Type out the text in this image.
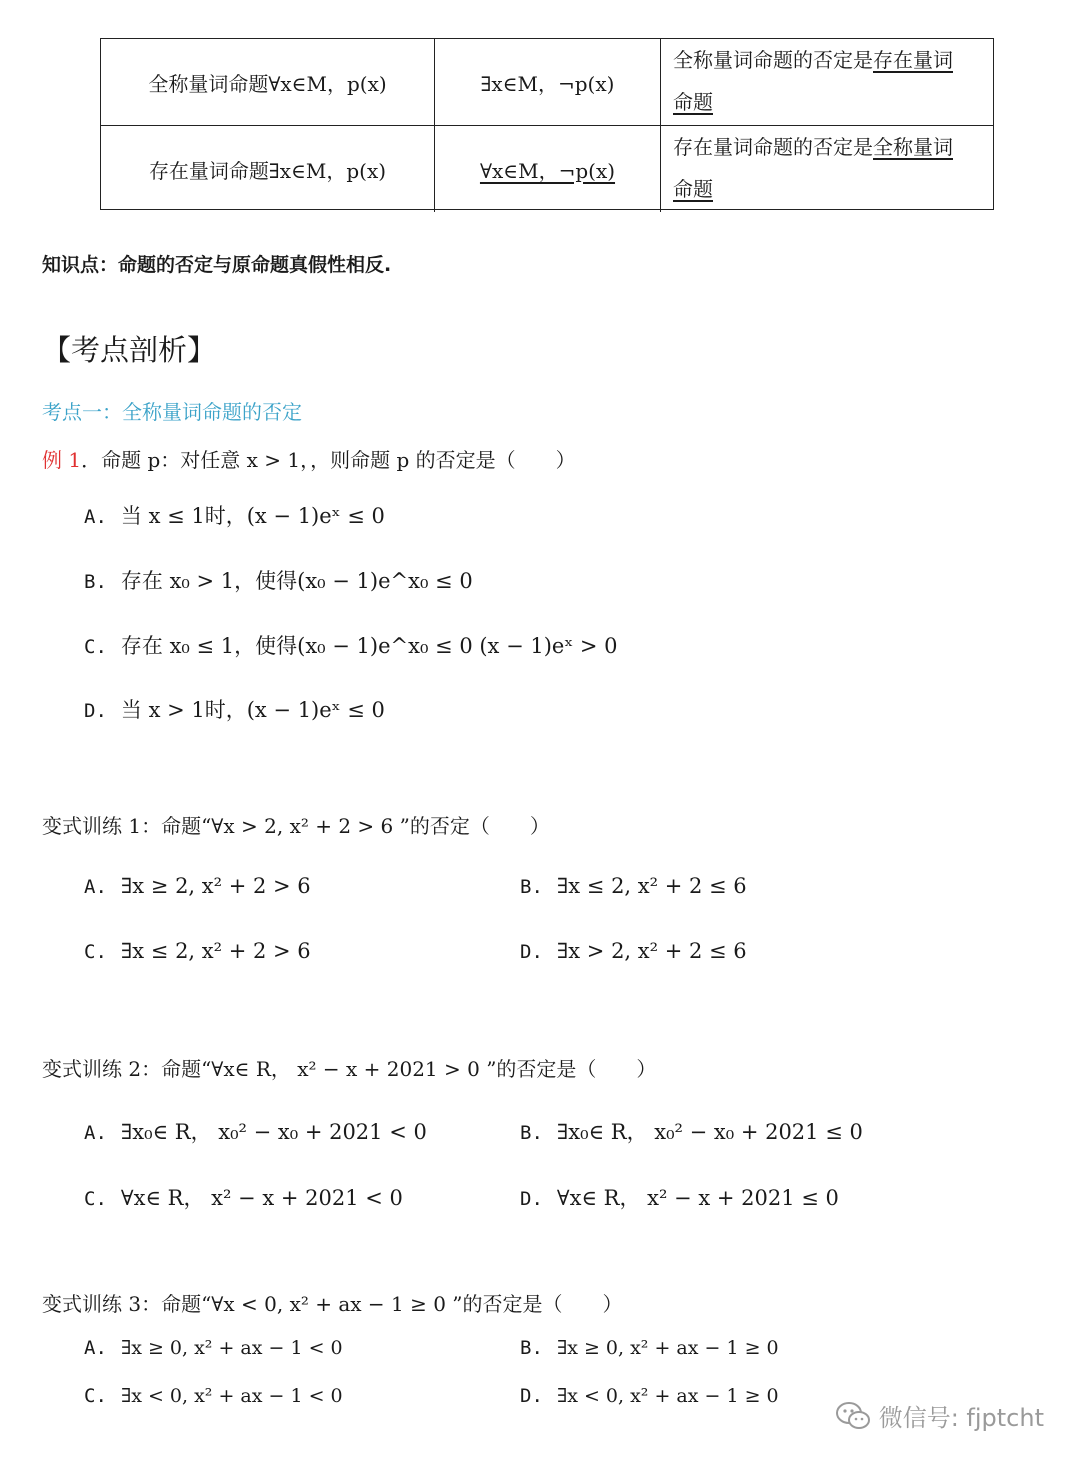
全称量词命题∀x∈M，p(x)	∃x∈M，¬p(x)
全称量词命题的否定是存在量词
命题
存在量词命题∃x∈M，p(x)	∀x∈M，¬p(x)
存在量词命题的否定是全称量词
命题
知识点：命题的否定与原命题真假性相反.
【考点剖析】
考点一：全称量词命题的否定
例 1．命题 p：对任意 x > 1，，则命题 p 的否定是（　　）
A. 当 x ≤ 1时，(x − 1)eˣ ≤ 0
B. 存在 x₀ > 1，使得(x₀ − 1)e^x₀ ≤ 0
C. 存在 x₀ ≤ 1，使得(x₀ − 1)e^x₀ ≤ 0 (x − 1)eˣ > 0
D. 当 x > 1时，(x − 1)eˣ ≤ 0
变式训练 1：命题“∀x > 2, x² + 2 > 6 ”的否定（　　）
A. ∃x ≥ 2, x² + 2 > 6	B. ∃x ≤ 2, x² + 2 ≤ 6
C. ∃x ≤ 2, x² + 2 > 6	D. ∃x > 2, x² + 2 ≤ 6
变式训练 2：命题“∀x∈ R， x² − x + 2021 > 0 ”的否定是（　　）
A. ∃x₀∈ R， x₀² − x₀ + 2021 < 0	B. ∃x₀∈ R， x₀² − x₀ + 2021 ≤ 0
C. ∀x∈ R， x² − x + 2021 < 0	D. ∀x∈ R， x² − x + 2021 ≤ 0
变式训练 3：命题“∀x < 0, x² + ax − 1 ≥ 0 ”的否定是（　　）
A. ∃x ≥ 0, x² + ax − 1 < 0	B. ∃x ≥ 0, x² + ax − 1 ≥ 0
C. ∃x < 0, x² + ax − 1 < 0	D. ∃x < 0, x² + ax − 1 ≥ 0
微信号: fjptcht
